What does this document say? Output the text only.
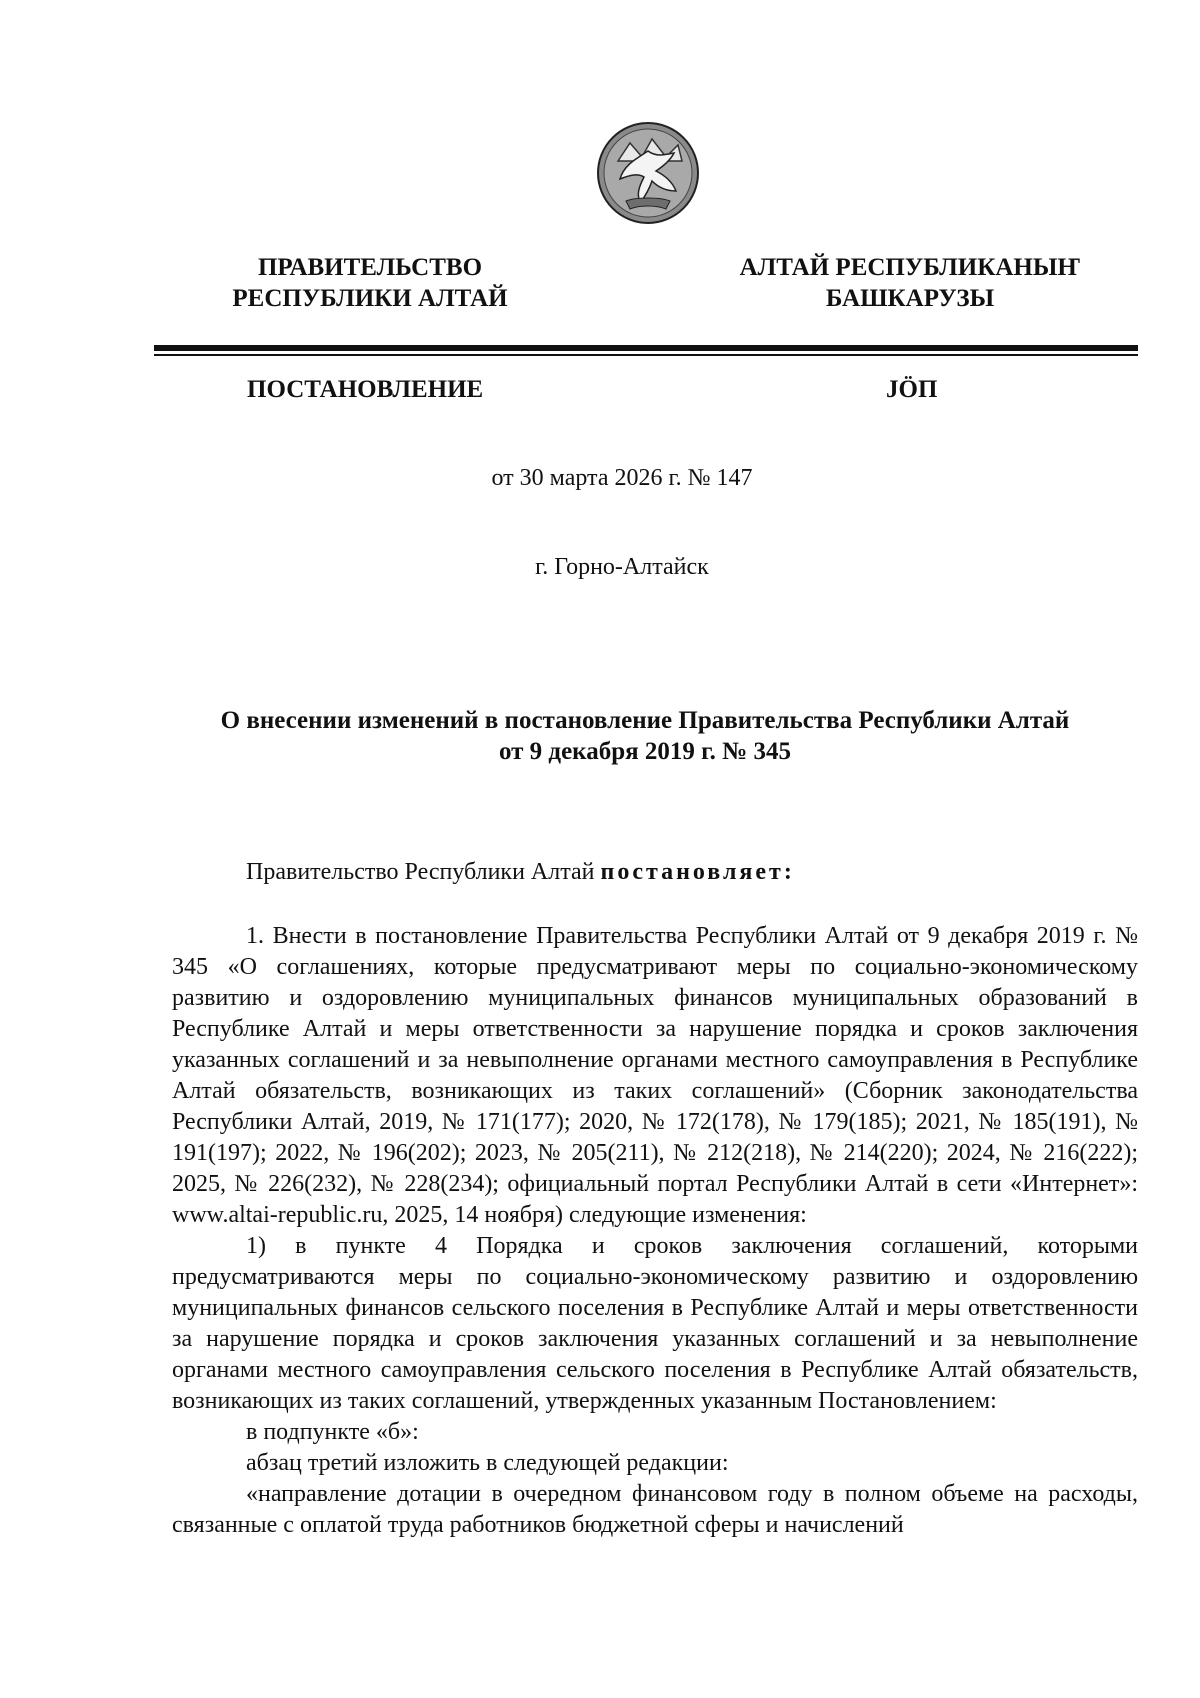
ПРАВИТЕЛЬСТВО
РЕСПУБЛИКИ АЛТАЙ
АЛТАЙ РЕСПУБЛИКАНЫҤ
БАШКАРУЗЫ
ПОСТАНОВЛЕНИЕ	JÖП
от 30 марта 2026 г. № 147
г. Горно-Алтайск
О внесении изменений в постановление Правительства Республики Алтай
от 9 декабря 2019 г. № 345

Правительство Республики Алтай постановляет:

1. Внести в постановление Правительства Республики Алтай от 9 декабря 2019 г. № 345 «О соглашениях, которые предусматривают меры по социально-экономическому развитию и оздоровлению муниципальных финансов муниципальных образований в Республике Алтай и меры ответственности за нарушение порядка и сроков заключения указанных соглашений и за невыполнение органами местного самоуправления в Республике Алтай обязательств, возникающих из таких соглашений» (Сборник законодательства Республики Алтай, 2019, № 171(177); 2020, № 172(178), № 179(185); 2021, № 185(191), № 191(197); 2022, № 196(202); 2023, № 205(211), № 212(218), № 214(220); 2024, № 216(222); 2025, № 226(232), № 228(234); официальный портал Республики Алтай в сети «Интернет»: www.altai-republic.ru, 2025, 14 ноября) следующие изменения:

1) в пункте 4 Порядка и сроков заключения соглашений, которыми предусматриваются меры по социально-экономическому развитию и оздоровлению муниципальных финансов сельского поселения в Республике Алтай и меры ответственности за нарушение порядка и сроков заключения указанных соглашений и за невыполнение органами местного самоуправления сельского поселения в Республике Алтай обязательств, возникающих из таких соглашений, утвержденных указанным Постановлением:

в подпункте «б»:

абзац третий изложить в следующей редакции:

«направление дотации в очередном финансовом году в полном объеме на расходы, связанные с оплатой труда работников бюджетной сферы и начислений
